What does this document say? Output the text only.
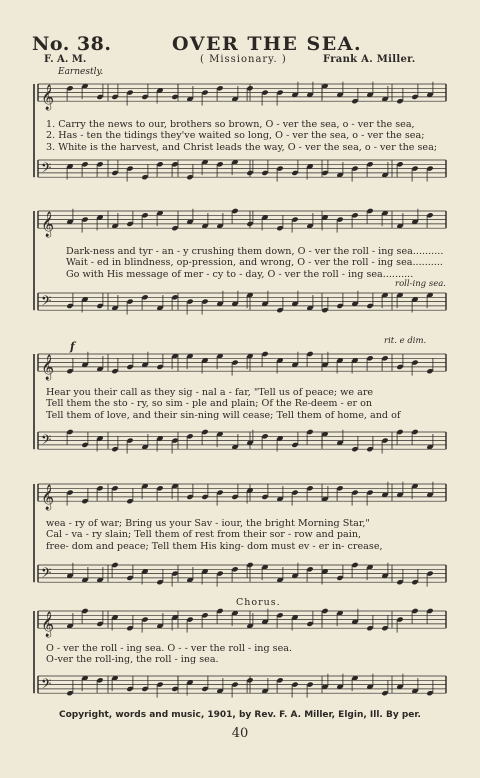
No. 38.	OVER THE SEA.
F. A. M.	( Missionary. )	Frank A. Miller.
Earnestly.
𝄞
𝄢
𝄞
𝄢
𝄞
𝄢
𝄞
𝄢
𝄞
𝄢
1. Carry the news to our, brothers so brown, O - ver the sea, o - ver the sea,
2. Has - ten the tidings they've waited so long, O - ver the sea, o - ver the sea;
3. White is the harvest, and Christ leads the way, O - ver the sea, o - ver the sea;
Dark-ness and tyr - an - y crushing them down, O - ver the roll - ing sea..........
Wait - ed in blindness, op-pression, and wrong, O - ver the roll - ing sea..........
Go with His message of mer - cy to - day, O - ver the roll - ing sea..........
roll-ing sea.
f	rit. e dim.
Hear you their call as they sig - nal a - far, "Tell us of peace; we are
Tell them the sto - ry, so sim - ple and plain; Of the Re-deem - er on
Tell them of love, and their sin-ning will cease; Tell them of home, and of
wea - ry of war; Bring us your Sav - iour, the bright Morning Star,"
Cal - va - ry slain; Tell them of rest from their sor - row and pain,
free- dom and peace; Tell them His king- dom must ev - er in- crease,
Chorus.
O - ver the roll - ing sea. O - - ver the roll - ing sea.
O-ver the roll-ing, the roll - ing sea.
Copyright, words and music, 1901, by Rev. F. A. Miller, Elgin, Ill. By per.
40
